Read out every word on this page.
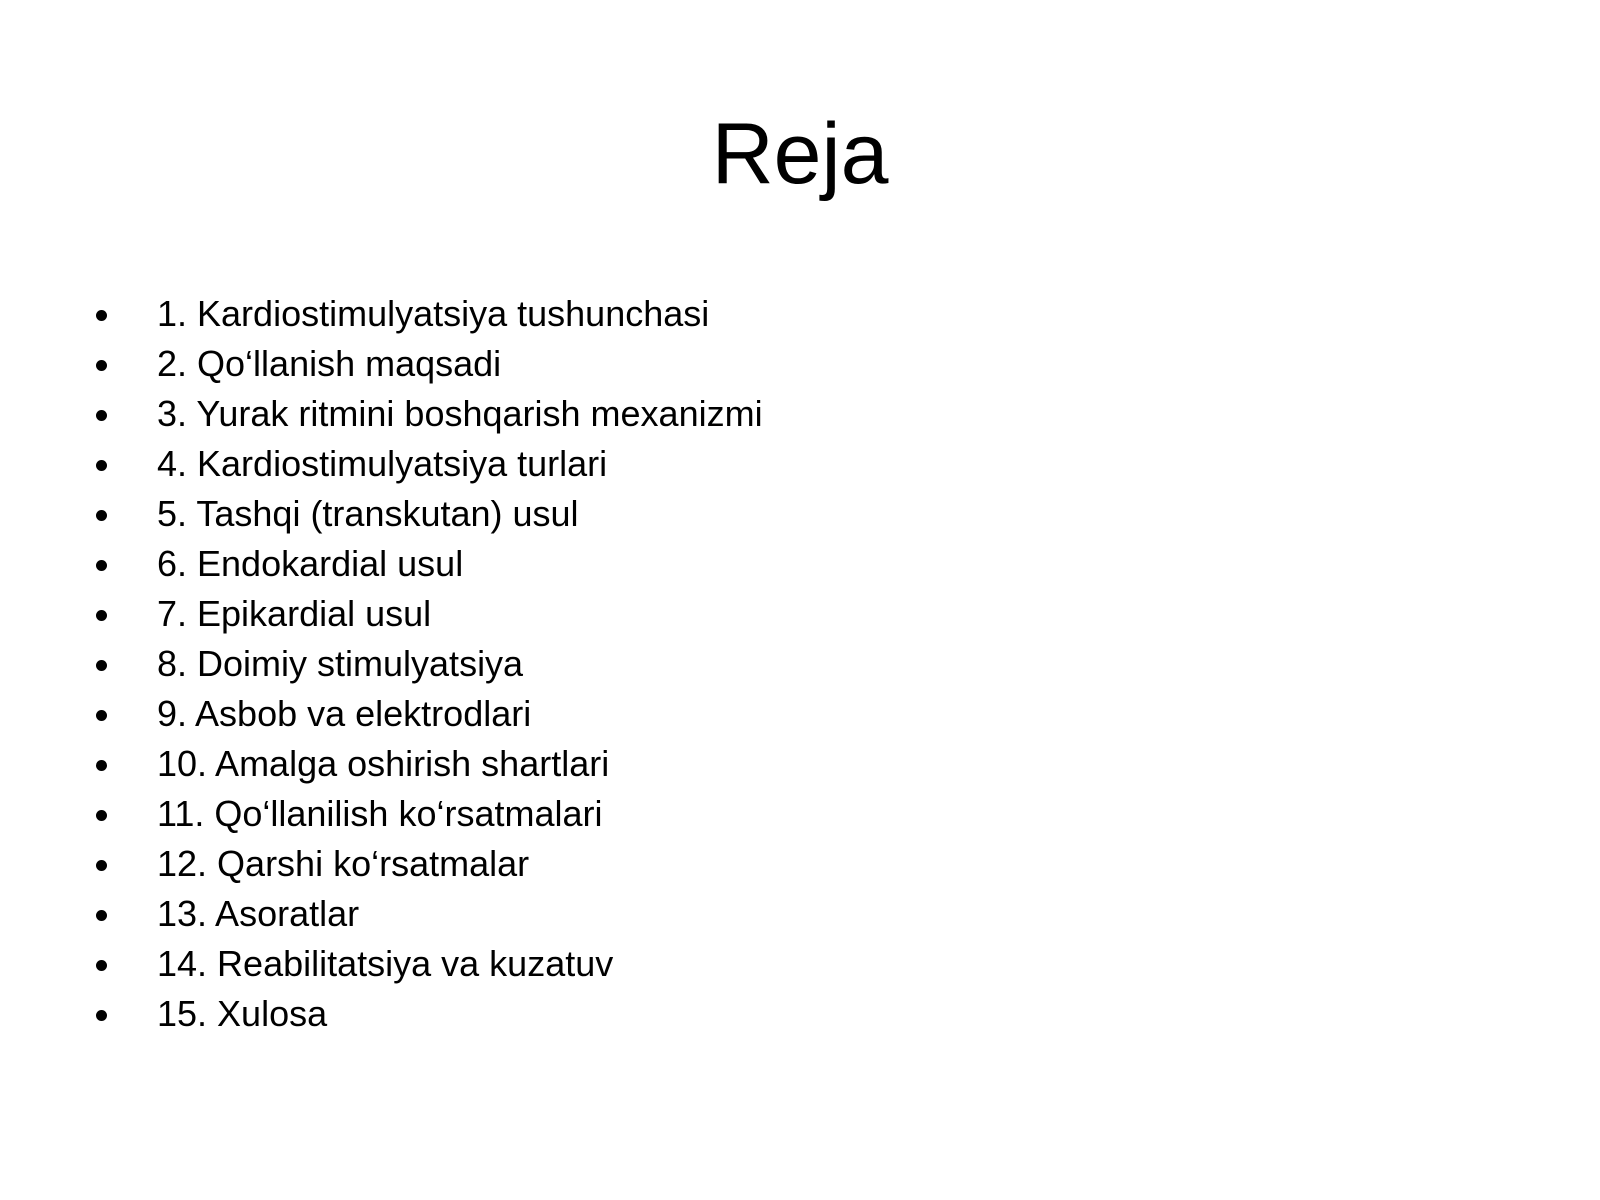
Reja
1. Kardiostimulyatsiya tushunchasi
2. Qo‘llanish maqsadi
3. Yurak ritmini boshqarish mexanizmi
4. Kardiostimulyatsiya turlari
5. Tashqi (transkutan) usul
6. Endokardial usul
7. Epikardial usul
8. Doimiy stimulyatsiya
9. Asbob va elektrodlari
10. Amalga oshirish shartlari
11. Qo‘llanilish ko‘rsatmalari
12. Qarshi ko‘rsatmalar
13. Asoratlar
14. Reabilitatsiya va kuzatuv
15. Xulosa
